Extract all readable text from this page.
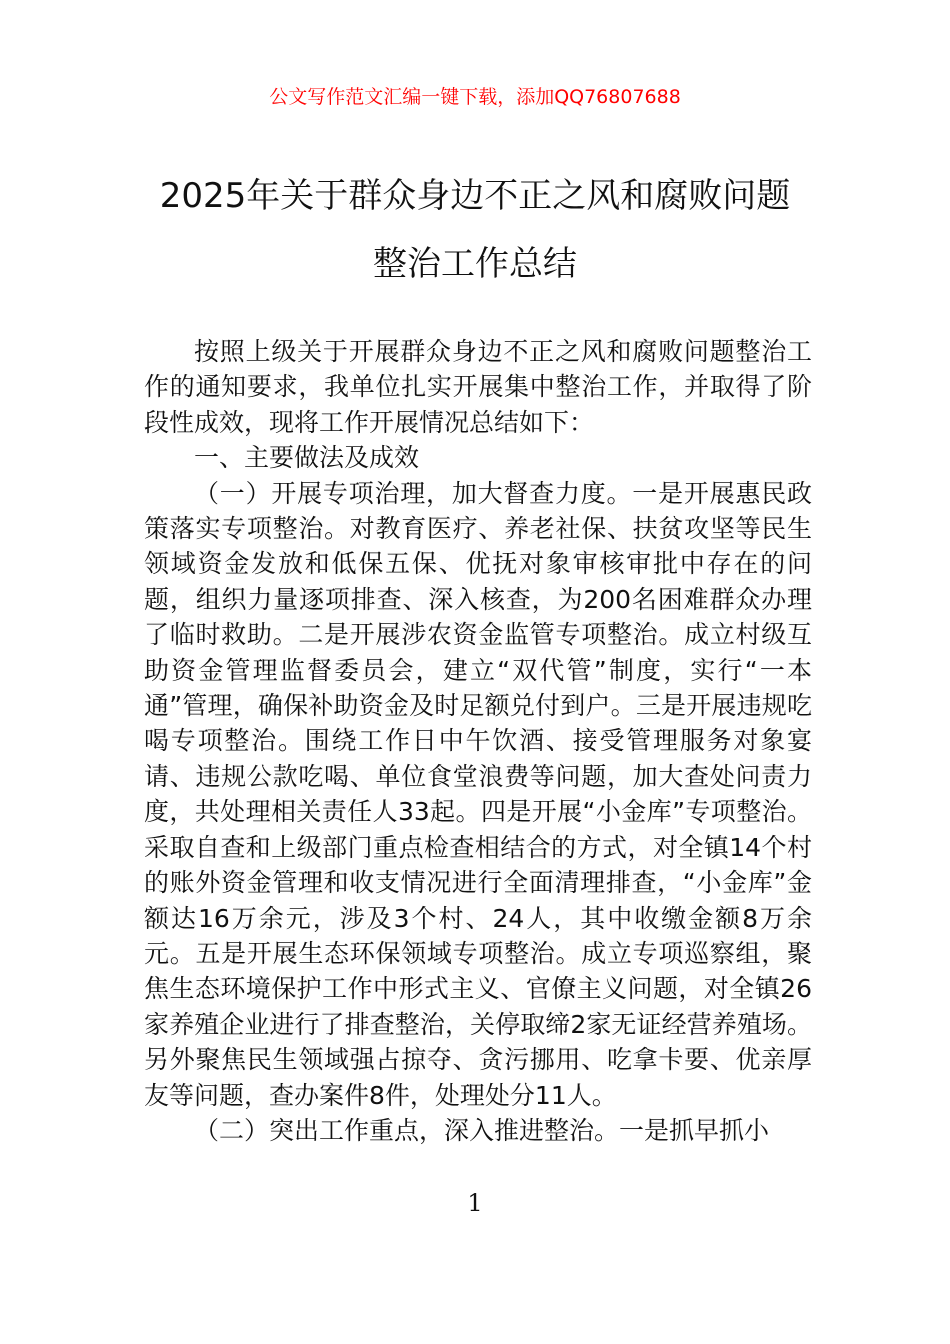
公文写作范文汇编一键下载，添加QQ76807688
2025年关于群众身边不正之风和腐败问题
整治工作总结

按照上级关于开展群众身边不正之风和腐败问题整治工作的通知要求，我单位扎实开展集中整治工作，并取得了阶段性成效，现将工作开展情况总结如下：

一、主要做法及成效

（一）开展专项治理，加大督查力度。一是开展惠民政策落实专项整治。对教育医疗、养老社保、扶贫攻坚等民生领域资金发放和低保五保、优抚对象审核审批中存在的问题，组织力量逐项排查、深入核查，为200名困难群众办理了临时救助。二是开展涉农资金监管专项整治。成立村级互助资金管理监督委员会，建立“双代管”制度，实行“一本通”管理，确保补助资金及时足额兑付到户。三是开展违规吃喝专项整治。围绕工作日中午饮酒、接受管理服务对象宴请、违规公款吃喝、单位食堂浪费等问题，加大查处问责力度，共处理相关责任人33起。四是开展“小金库”专项整治。采取自查和上级部门重点检查相结合的方式，对全镇14个村的账外资金管理和收支情况进行全面清理排查，“小金库”金额达16万余元，涉及3个村、24人，其中收缴金额8万余元。五是开展生态环保领域专项整治。成立专项巡察组，聚焦生态环境保护工作中形式主义、官僚主义问题，对全镇26家养殖企业进行了排查整治，关停取缔2家无证经营养殖场。另外聚焦民生领域强占掠夺、贪污挪用、吃拿卡要、优亲厚友等问题，查办案件8件，处理处分11人。

（二）突出工作重点，深入推进整治。一是抓早抓小

1
